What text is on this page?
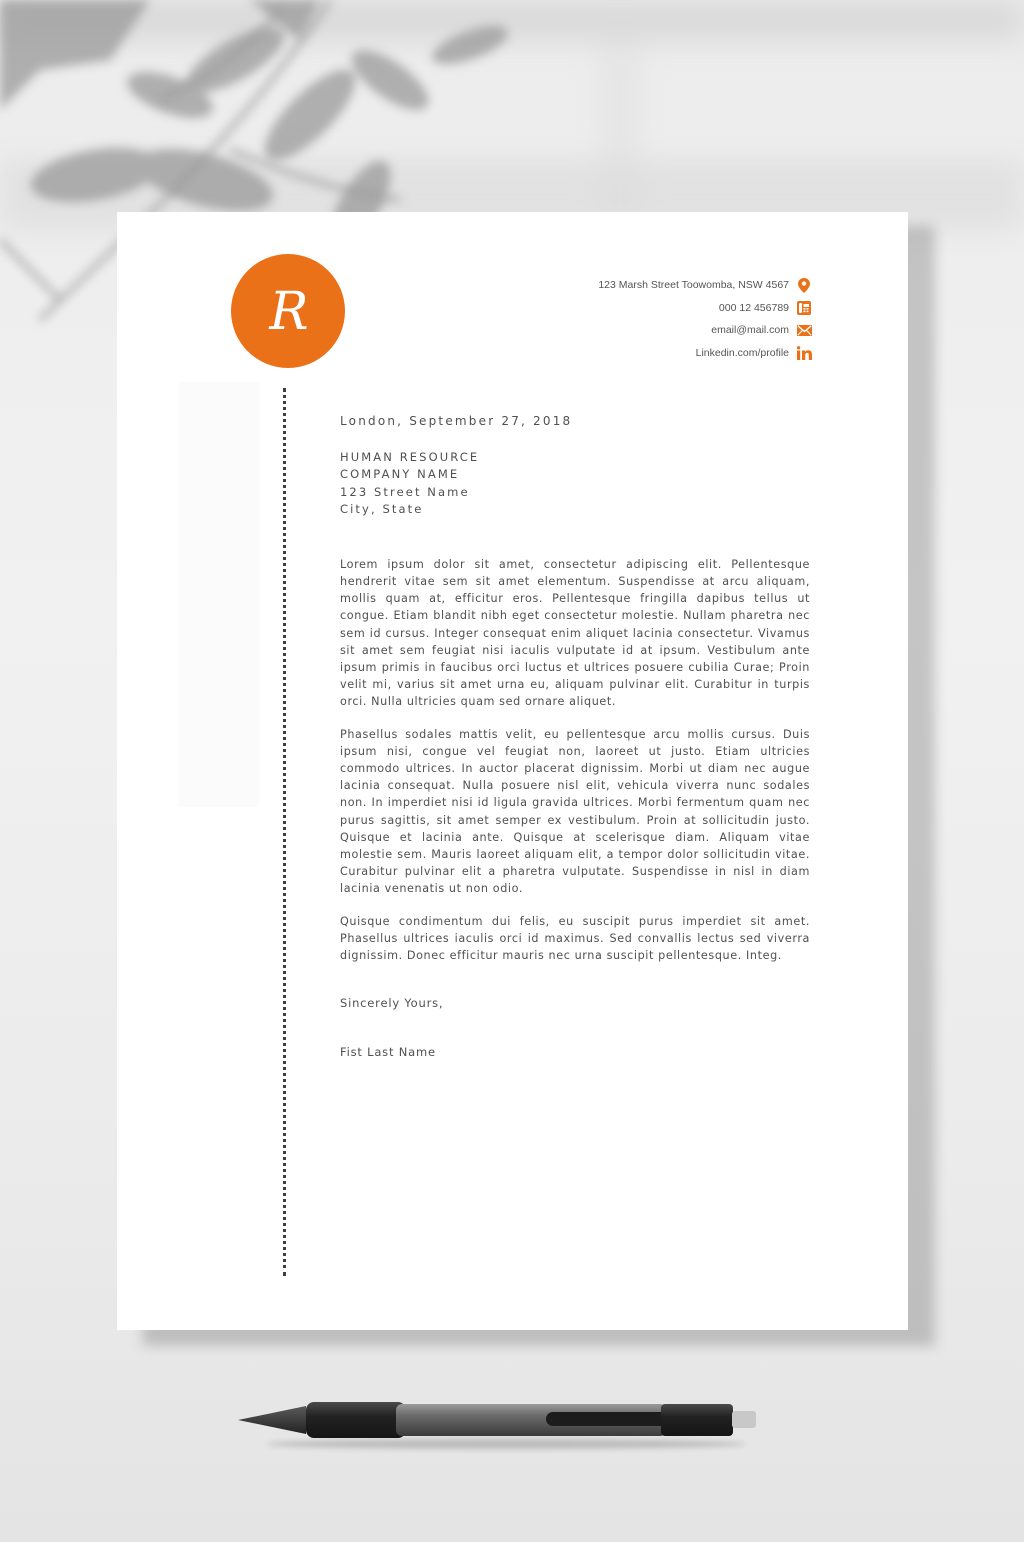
R	123 Marsh Street Toowomba, NSW 4567
000 12 456789
email@mail.com
Linkedin.com/profile

London, September 27, 2018

HUMAN RESOURCE

COMPANY NAME

123 Street Name

City, State

Lorem ipsum dolor sit amet, consectetur adipiscing elit. Pellentesque hendrerit vitae sem sit amet elementum. Suspendisse at arcu aliquam, mollis quam at, efficitur eros. Pellentesque fringilla dapibus tellus ut congue. Etiam blandit nibh eget consectetur molestie. Nullam pharetra nec sem id cursus. Integer consequat enim aliquet lacinia consectetur. Vivamus sit amet sem feugiat nisi iaculis vulputate id at ipsum. Vestibulum ante ipsum primis in faucibus orci luctus et ultrices posuere cubilia Curae; Proin velit mi, varius sit amet urna eu, aliquam pulvinar elit. Curabitur in turpis orci. Nulla ultricies quam sed ornare aliquet.

Phasellus sodales mattis velit, eu pellentesque arcu mollis cursus. Duis ipsum nisi, congue vel feugiat non, laoreet ut justo. Etiam ultricies commodo ultrices. In auctor placerat dignissim. Morbi ut diam nec augue lacinia consequat. Nulla posuere nisl elit, vehicula viverra nunc sodales non. In imperdiet nisi id ligula gravida ultrices. Morbi fermentum quam nec purus sagittis, sit amet semper ex vestibulum. Proin at sollicitudin justo. Quisque et lacinia ante. Quisque at scelerisque diam. Aliquam vitae molestie sem. Mauris laoreet aliquam elit, a tempor dolor sollicitudin vitae. Curabitur pulvinar elit a pharetra vulputate. Suspendisse in nisl in diam lacinia venenatis ut non odio.

Quisque condimentum dui felis, eu suscipit purus imperdiet sit amet. Phasellus ultrices iaculis orci id maximus. Sed convallis lectus sed viverra dignissim. Donec efficitur mauris nec urna suscipit pellentesque. Integ.

Sincerely Yours,

Fist Last Name
